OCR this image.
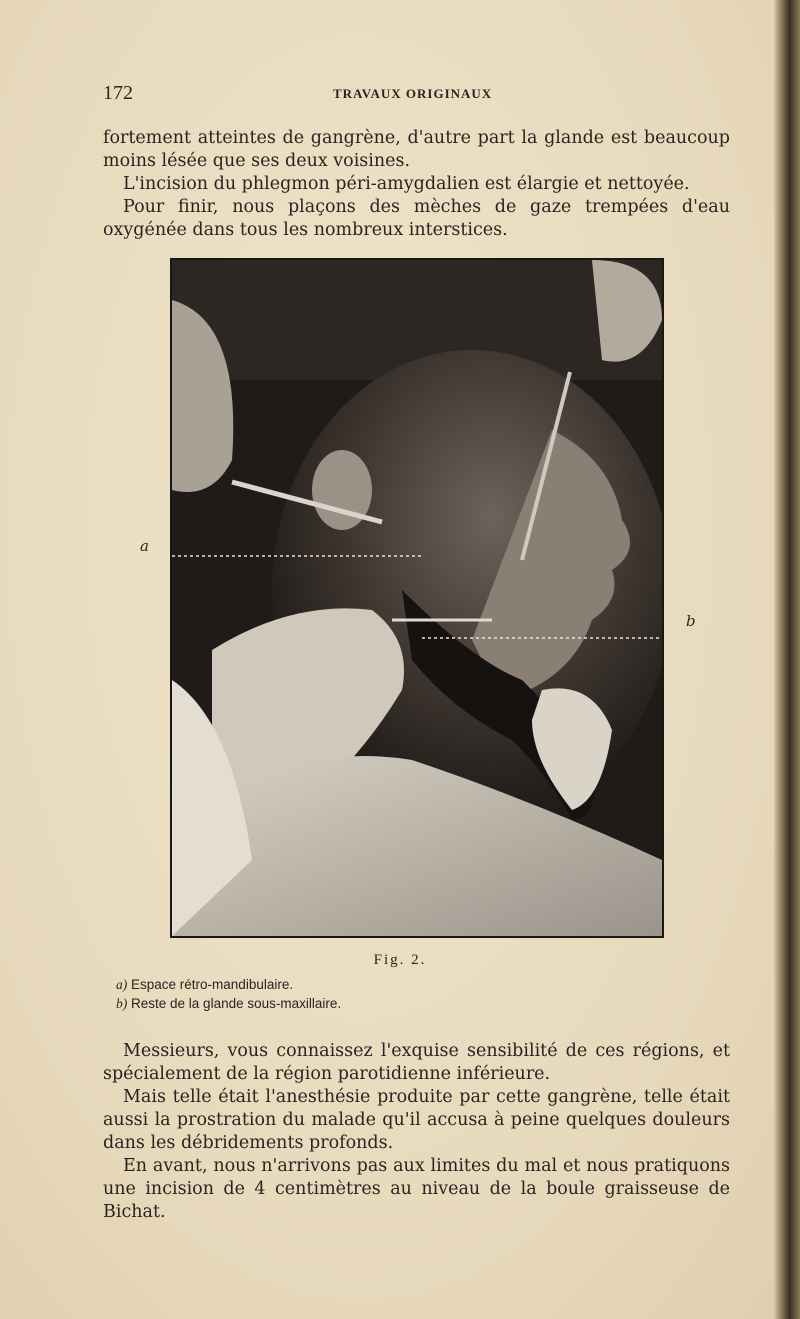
172	TRAVAUX ORIGINAUX

fortement atteintes de gangrène, d'autre part la glande est beaucoup moins lésée que ses deux voisines.

L'incision du phlegmon péri-amygdalien est élargie et nettoyée.

Pour finir, nous plaçons des mèches de gaze trempées d'eau oxygénée dans tous les nombreux interstices.

a
b
Fig. 2.
a) Espace rétro-mandibulaire.
b) Reste de la glande sous-maxillaire.

Messieurs, vous connaissez l'exquise sensibilité de ces régions, et spécialement de la région parotidienne inférieure.

Mais telle était l'anesthésie produite par cette gangrène, telle était aussi la prostration du malade qu'il accusa à peine quelques douleurs dans les débridements profonds.

En avant, nous n'arrivons pas aux limites du mal et nous pratiquons une incision de 4 centimètres au niveau de la boule graisseuse de Bichat.
